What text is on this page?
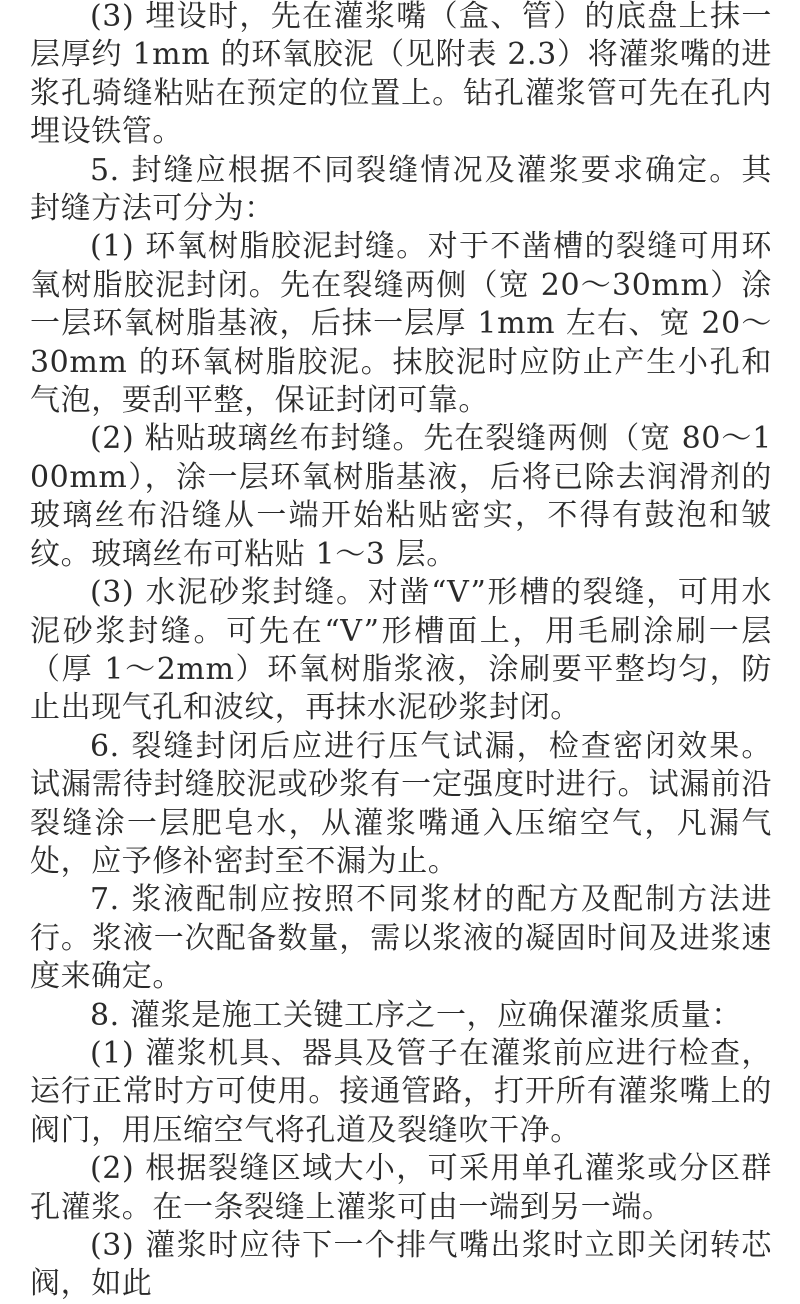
(3) 埋设时，先在灌浆嘴（盒、管）的底盘上抹一层厚约 1mm 的环氧胶泥（见附表 2.3）将灌浆嘴的进浆孔骑缝粘贴在预定的位置上。钻孔灌浆管可先在孔内埋设铁管。

5. 封缝应根据不同裂缝情况及灌浆要求确定。其封缝方法可分为：

(1) 环氧树脂胶泥封缝。对于不凿槽的裂缝可用环氧树脂胶泥封闭。先在裂缝两侧（宽 20～30mm）涂一层环氧树脂基液，后抹一层厚 1mm 左右、宽 20～30mm 的环氧树脂胶泥。抹胶泥时应防止产生小孔和气泡，要刮平整，保证封闭可靠。

(2) 粘贴玻璃丝布封缝。先在裂缝两侧（宽 80～100mm），涂一层环氧树脂基液，后将已除去润滑剂的玻璃丝布沿缝从一端开始粘贴密实，不得有鼓泡和皱纹。玻璃丝布可粘贴 1～3 层。

(3) 水泥砂浆封缝。对凿“V”形槽的裂缝，可用水泥砂浆封缝。可先在“V”形槽面上，用毛刷涂刷一层（厚 1～2mm）环氧树脂浆液，涂刷要平整均匀，防止出现气孔和波纹，再抹水泥砂浆封闭。

6. 裂缝封闭后应进行压气试漏，检查密闭效果。试漏需待封缝胶泥或砂浆有一定强度时进行。试漏前沿裂缝涂一层肥皂水，从灌浆嘴通入压缩空气，凡漏气处，应予修补密封至不漏为止。

7. 浆液配制应按照不同浆材的配方及配制方法进行。浆液一次配备数量，需以浆液的凝固时间及进浆速度来确定。

8. 灌浆是施工关键工序之一，应确保灌浆质量：

(1) 灌浆机具、器具及管子在灌浆前应进行检查，运行正常时方可使用。接通管路，打开所有灌浆嘴上的阀门，用压缩空气将孔道及裂缝吹干净。

(2) 根据裂缝区域大小，可采用单孔灌浆或分区群孔灌浆。在一条裂缝上灌浆可由一端到另一端。

(3) 灌浆时应待下一个排气嘴出浆时立即关闭转芯阀，如此
